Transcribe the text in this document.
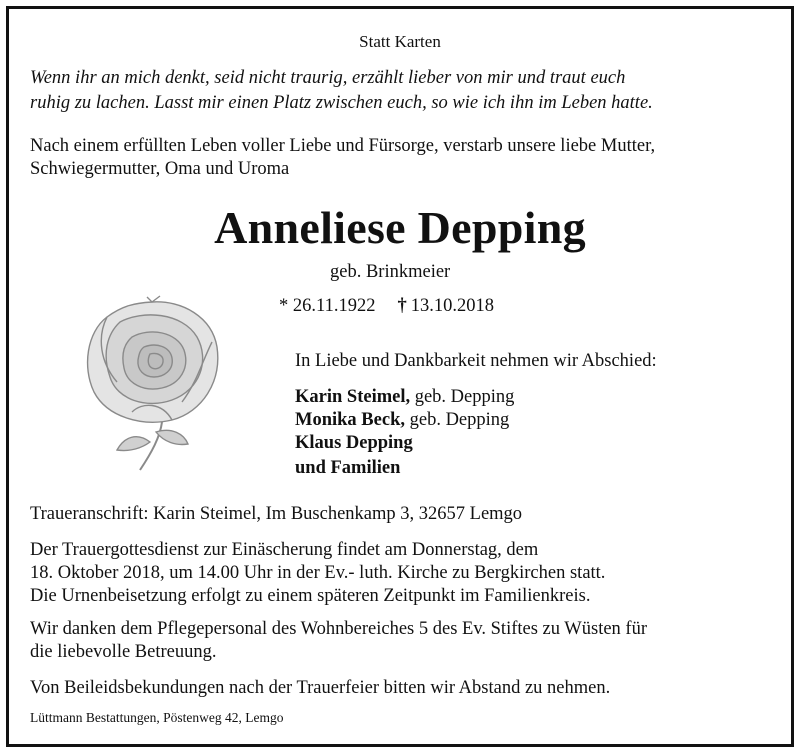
Statt Karten
Wenn ihr an mich denkt, seid nicht traurig, erzählt lieber von mir und traut euch
ruhig zu lachen. Lasst mir einen Platz zwischen euch, so wie ich ihn im Leben hatte.
Nach einem erfüllten Leben voller Liebe und Fürsorge, verstarb unsere liebe Mutter,
Schwiegermutter, Oma und Uroma
Anneliese Depping
geb. Brinkmeier
* 26.11.1922 † 13.10.2018
In Liebe und Dankbarkeit nehmen wir Abschied:
Karin Steimel, geb. Depping
Monika Beck, geb. Depping
Klaus Depping
und Familien
Traueranschrift: Karin Steimel, Im Buschenkamp 3, 32657 Lemgo
Der Trauergottesdienst zur Einäscherung findet am Donnerstag, dem
18. Oktober 2018, um 14.00 Uhr in der Ev.- luth. Kirche zu Bergkirchen statt.
Die Urnenbeisetzung erfolgt zu einem späteren Zeitpunkt im Familienkreis.
Wir danken dem Pflegepersonal des Wohnbereiches 5 des Ev. Stiftes zu Wüsten für
die liebevolle Betreuung.
Von Beileidsbekundungen nach der Trauerfeier bitten wir Abstand zu nehmen.
Lüttmann Bestattungen, Pöstenweg 42, Lemgo
